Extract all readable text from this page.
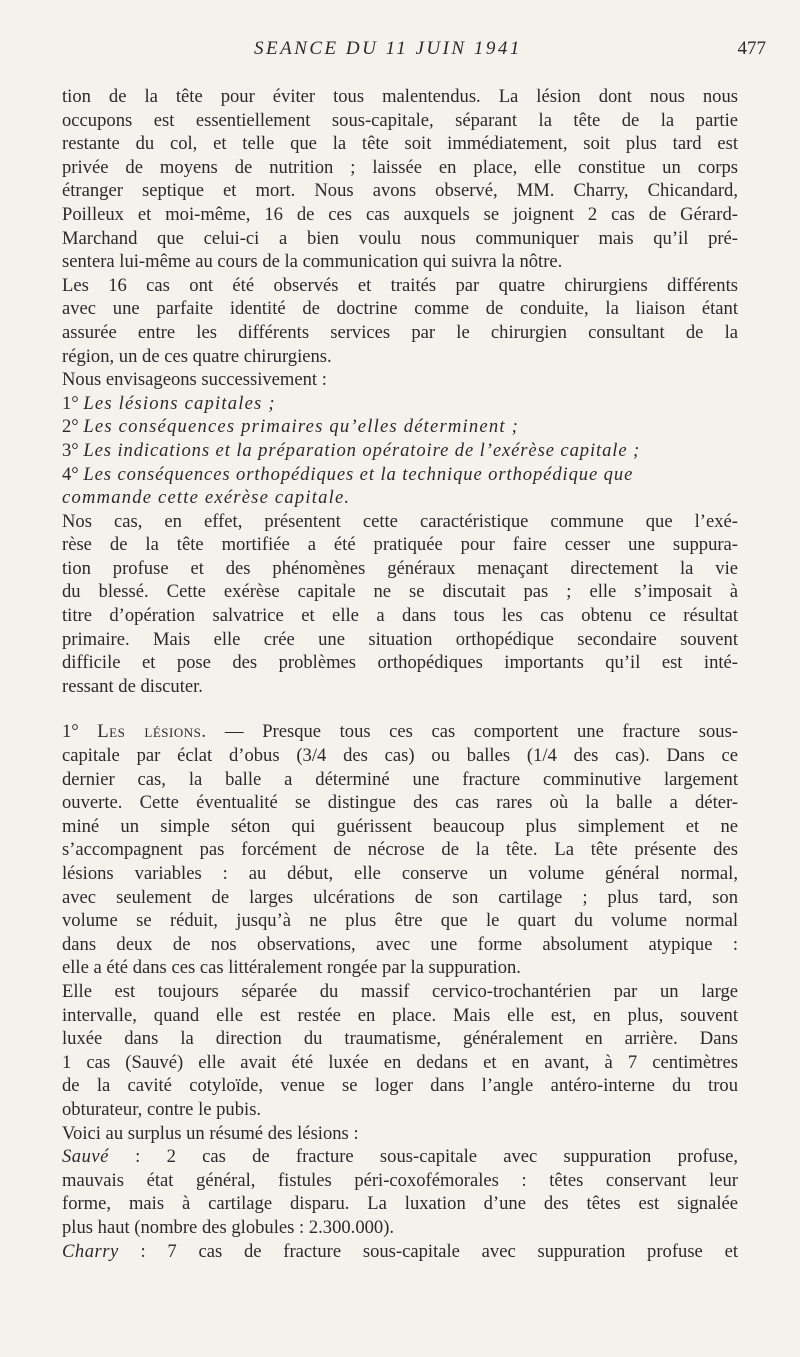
SEANCE DU 11 JUIN 1941	477
tion de la tête pour éviter tous malentendus. La lésion dont nous nous
occupons est essentiellement sous-capitale, séparant la tête de la partie
restante du col, et telle que la tête soit immédiatement, soit plus tard est
privée de moyens de nutrition ; laissée en place, elle constitue un corps
étranger septique et mort. Nous avons observé, MM. Charry, Chicandard,
Poilleux et moi-même, 16 de ces cas auxquels se joignent 2 cas de Gérard-
Marchand que celui-ci a bien voulu nous communiquer mais qu’il pré-
sentera lui-même au cours de la communication qui suivra la nôtre.
Les 16 cas ont été observés et traités par quatre chirurgiens différents
avec une parfaite identité de doctrine comme de conduite, la liaison étant
assurée entre les différents services par le chirurgien consultant de la
région, un de ces quatre chirurgiens.
Nous envisageons successivement :
1° Les lésions capitales ;
2° Les conséquences primaires qu’elles déterminent ;
3° Les indications et la préparation opératoire de l’exérèse capitale ;
4° Les conséquences orthopédiques et la technique orthopédique que
commande cette exérèse capitale.
Nos cas, en effet, présentent cette caractéristique commune que l’exé-
rèse de la tête mortifiée a été pratiquée pour faire cesser une suppura-
tion profuse et des phénomènes généraux menaçant directement la vie
du blessé. Cette exérèse capitale ne se discutait pas ; elle s’imposait à
titre d’opération salvatrice et elle a dans tous les cas obtenu ce résultat
primaire. Mais elle crée une situation orthopédique secondaire souvent
difficile et pose des problèmes orthopédiques importants qu’il est inté-
ressant de discuter.
1° Les lésions. — Presque tous ces cas comportent une fracture sous-
capitale par éclat d’obus (3/4 des cas) ou balles (1/4 des cas). Dans ce
dernier cas, la balle a déterminé une fracture comminutive largement
ouverte. Cette éventualité se distingue des cas rares où la balle a déter-
miné un simple séton qui guérissent beaucoup plus simplement et ne
s’accompagnent pas forcément de nécrose de la tête. La tête présente des
lésions variables : au début, elle conserve un volume général normal,
avec seulement de larges ulcérations de son cartilage ; plus tard, son
volume se réduit, jusqu’à ne plus être que le quart du volume normal
dans deux de nos observations, avec une forme absolument atypique :
elle a été dans ces cas littéralement rongée par la suppuration.
Elle est toujours séparée du massif cervico-trochantérien par un large
intervalle, quand elle est restée en place. Mais elle est, en plus, souvent
luxée dans la direction du traumatisme, généralement en arrière. Dans
1 cas (Sauvé) elle avait été luxée en dedans et en avant, à 7 centimètres
de la cavité cotyloïde, venue se loger dans l’angle antéro-interne du trou
obturateur, contre le pubis.
Voici au surplus un résumé des lésions :
Sauvé : 2 cas de fracture sous-capitale avec suppuration profuse,
mauvais état général, fistules péri-coxofémorales : têtes conservant leur
forme, mais à cartilage disparu. La luxation d’une des têtes est signalée
plus haut (nombre des globules : 2.300.000).
Charry : 7 cas de fracture sous-capitale avec suppuration profuse et
